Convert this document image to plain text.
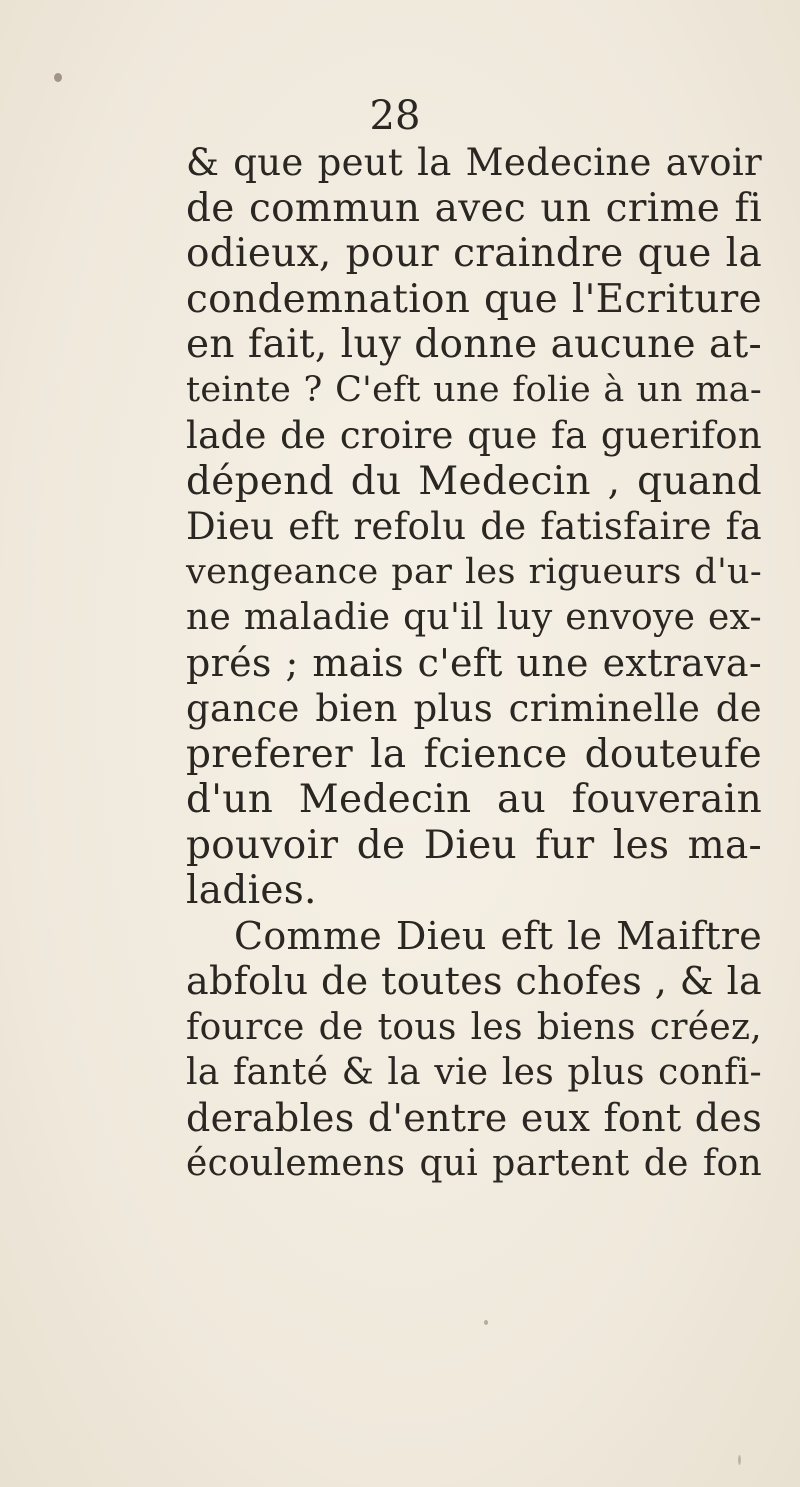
28
& que peut la Medecine avoir
de commun avec un crime fi
odieux, pour craindre que la
condemnation que l'Ecriture
en fait, luy donne aucune at-
teinte ? C'eft une folie à un ma-
lade de croire que fa guerifon
dépend du Medecin , quand
Dieu eft refolu de fatisfaire fa
vengeance par les rigueurs d'u-
ne maladie qu'il luy envoye ex-
prés ; mais c'eft une extrava-
gance bien plus criminelle de
preferer la fcience douteufe
d'un Medecin au fouverain
pouvoir de Dieu fur les ma-
ladies.
Comme Dieu eft le Maiftre
abfolu de toutes chofes , & la
fource de tous les biens créez,
la fanté & la vie les plus confi-
derables d'entre eux font des
écoulemens qui partent de fon
